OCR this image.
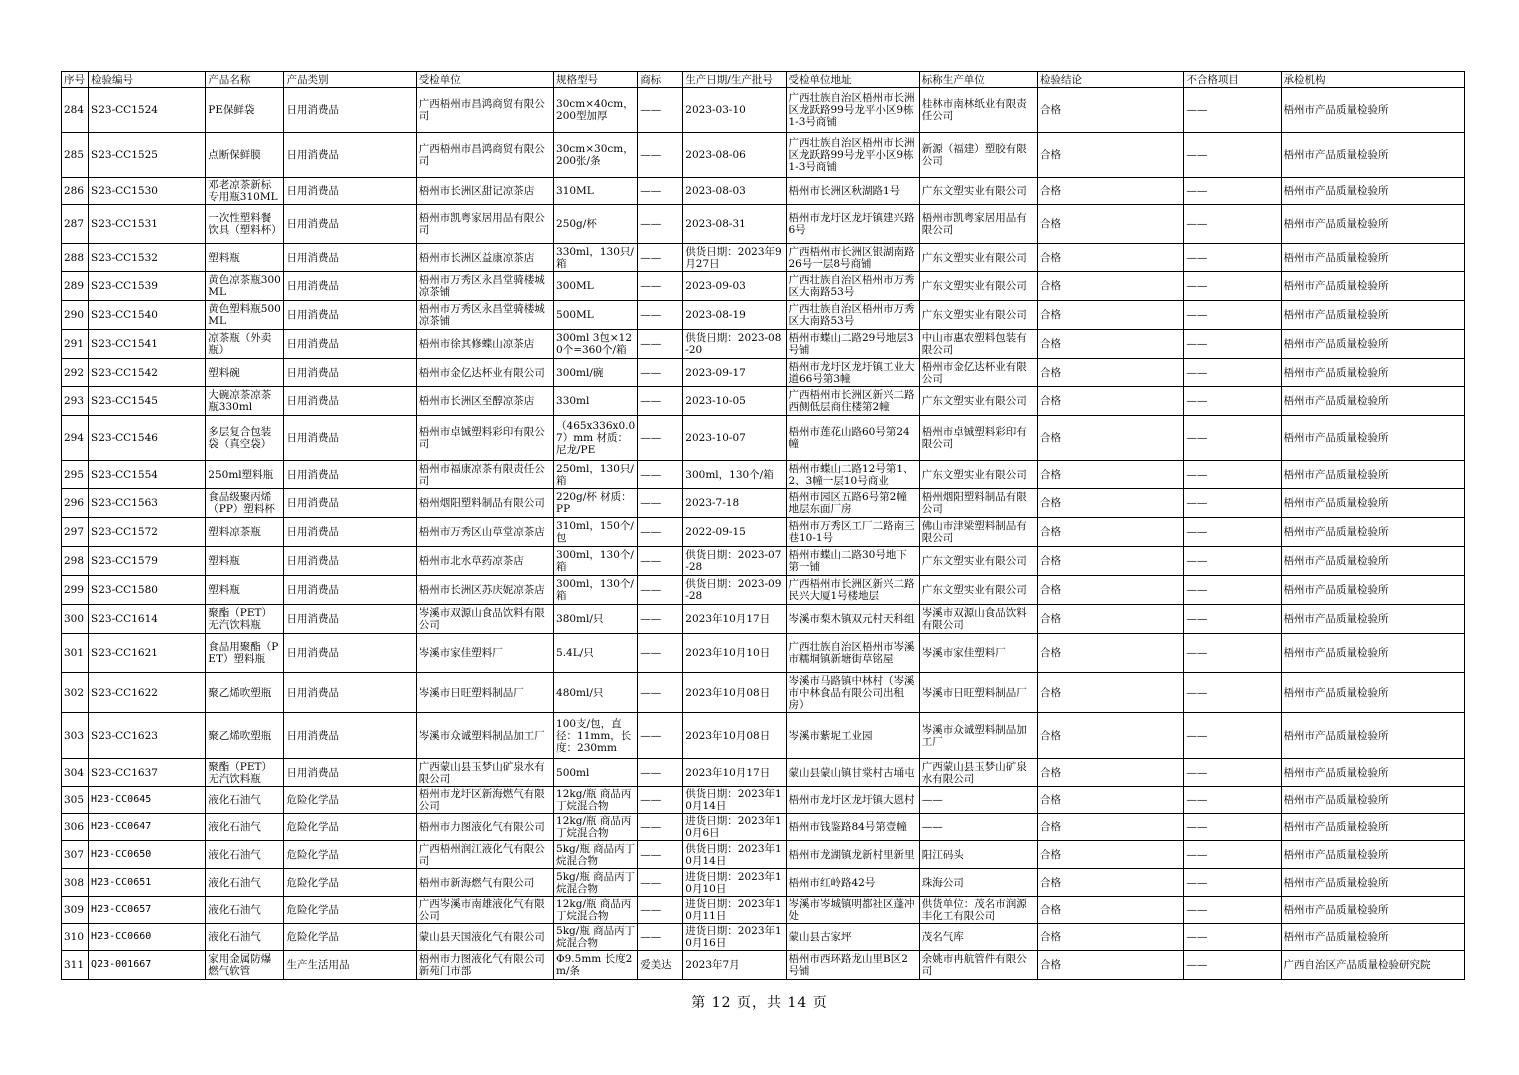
序号	检验编号	产品名称	产品类别	受检单位	规格型号	商标	生产日期/生产批号	受检单位地址	标称生产单位	检验结论	不合格项目	承检机构
284	S23-CC1524	PE保鲜袋	日用消费品	广西梧州市昌鸿商贸有限公司	30cm×40cm，200型加厚	——	2023-03-10	广西壮族自治区梧州市长洲区龙跃路99号龙平小区9栋1-3号商铺	桂林市南林纸业有限责任公司	合格	——	梧州市产品质量检验所
285	S23-CC1525	点断保鲜膜	日用消费品	广西梧州市昌鸿商贸有限公司	30cm×30cm，200张/条	——	2023-08-06	广西壮族自治区梧州市长洲区龙跃路99号龙平小区9栋1-3号商铺	新源（福建）塑胶有限公司	合格	——	梧州市产品质量检验所
286	S23-CC1530	邓老凉茶新标专用瓶310ML	日用消费品	梧州市长洲区甜记凉茶店	310ML	——	2023-08-03	梧州市长洲区秋湖路1号	广东文塑实业有限公司	合格	——	梧州市产品质量检验所
287	S23-CC1531	一次性塑料餐饮具（塑料杯）	日用消费品	梧州市凯粤家居用品有限公司	250g/杯	——	2023-08-31	梧州市龙圩区龙圩镇建兴路6号	梧州市凯粤家居用品有限公司	合格	——	梧州市产品质量检验所
288	S23-CC1532	塑料瓶	日用消费品	梧州市长洲区益康凉茶店	330ml，130只/箱	——	供货日期：2023年9月27日	广西梧州市长洲区银湖南路26号一层8号商铺	广东文塑实业有限公司	合格	——	梧州市产品质量检验所
289	S23-CC1539	黄色凉茶瓶300ML	日用消费品	梧州市万秀区永昌堂骑楼城凉茶铺	300ML	——	2023-09-03	广西壮族自治区梧州市万秀区大南路53号	广东文塑实业有限公司	合格	——	梧州市产品质量检验所
290	S23-CC1540	黄色塑料瓶500ML	日用消费品	梧州市万秀区永昌堂骑楼城凉茶铺	500ML	——	2023-08-19	广西壮族自治区梧州市万秀区大南路53号	广东文塑实业有限公司	合格	——	梧州市产品质量检验所
291	S23-CC1541	凉茶瓶（外卖瓶）	日用消费品	梧州市徐其修蝶山凉茶店	300ml 3包×120个=360个/箱	——	供货日期：2023-08-20	梧州市蝶山二路29号地层3号铺	中山市惠农塑料包装有限公司	合格	——	梧州市产品质量检验所
292	S23-CC1542	塑料碗	日用消费品	梧州市金亿达杯业有限公司	300ml/碗	——	2023-09-17	梧州市龙圩区龙圩镇工业大道66号第3幢	梧州市金亿达杯业有限公司	合格	——	梧州市产品质量检验所
293	S23-CC1545	大碗凉茶凉茶瓶330ml	日用消费品	梧州市长洲区至醇凉茶店	330ml	——	2023-10-05	广西梧州市长洲区新兴二路西侧低层商住楼第2幢	广东文塑实业有限公司	合格	——	梧州市产品质量检验所
294	S23-CC1546	多层复合包装袋（真空袋）	日用消费品	梧州市卓铖塑料彩印有限公司	（465x336x0.07）mm 材质：尼龙/PE	——	2023-10-07	梧州市莲花山路60号第24幢	梧州市卓铖塑料彩印有限公司	合格	——	梧州市产品质量检验所
295	S23-CC1554	250ml塑料瓶	日用消费品	梧州市福康凉茶有限责任公司	250ml，130只/箱	——	300ml，130个/箱	梧州市蝶山二路12号第1、2、3幢一层10号商业	广东文塑实业有限公司	合格	——	梧州市产品质量检验所
296	S23-CC1563	食品级聚丙烯（PP）塑料杯	日用消费品	梧州烟阳塑料制品有限公司	220g/杯 材质：PP	——	2023-7-18	梧州市园区五路6号第2幢地层东面厂房	梧州烟阳塑料制品有限公司	合格	——	梧州市产品质量检验所
297	S23-CC1572	塑料凉茶瓶	日用消费品	梧州市万秀区山草堂凉茶店	310ml，150个/包	——	2022-09-15	梧州市万秀区工厂二路南三巷10-1号	佛山市津梁塑料制品有限公司	合格	——	梧州市产品质量检验所
298	S23-CC1579	塑料瓶	日用消费品	梧州市北水草药凉茶店	300ml，130个/箱	——	供货日期：2023-07-28	梧州市蝶山二路30号地下第一铺	广东文塑实业有限公司	合格	——	梧州市产品质量检验所
299	S23-CC1580	塑料瓶	日用消费品	梧州市长洲区苏庆妮凉茶店	300ml，130个/箱	——	供货日期：2023-09-28	广西梧州市长洲区新兴二路民兴大厦1号楼地层	广东文塑实业有限公司	合格	——	梧州市产品质量检验所
300	S23-CC1614	聚酯（PET）无汽饮料瓶	日用消费品	岑溪市双源山食品饮料有限公司	380ml/只	——	2023年10月17日	岑溪市梨木镇双元村天科组	岑溪市双源山食品饮料有限公司	合格	——	梧州市产品质量检验所
301	S23-CC1621	食品用聚酯（PET）塑料瓶	日用消费品	岑溪市家佳塑料厂	5.4L/只	——	2023年10月10日	广西壮族自治区梧州市岑溪市糯垌镇新塘街草铭屋	岑溪市家佳塑料厂	合格	——	梧州市产品质量检验所
302	S23-CC1622	聚乙烯吹塑瓶	日用消费品	岑溪市日旺塑料制品厂	480ml/只	——	2023年10月08日	岑溪市马路镇中林村（岑溪市中林食品有限公司出租房）	岑溪市日旺塑料制品厂	合格	——	梧州市产品质量检验所
303	S23-CC1623	聚乙烯吹塑瓶	日用消费品	岑溪市众诚塑料制品加工厂	100支/包，直径：11mm，长度：230mm	——	2023年10月08日	岑溪市紫坭工业园	岑溪市众诚塑料制品加工厂	合格	——	梧州市产品质量检验所
304	S23-CC1637	聚酯（PET）无汽饮料瓶	日用消费品	广西蒙山县玉梦山矿泉水有限公司	500ml	——	2023年10月17日	蒙山县蒙山镇甘棠村古埇屯	广西蒙山县玉梦山矿泉水有限公司	合格	——	梧州市产品质量检验所
305	H23-CC0645	液化石油气	危险化学品	梧州市龙圩区新海燃气有限公司	12kg/瓶 商品丙丁烷混合物	——	供货日期：2023年10月14日	梧州市龙圩区龙圩镇大恩村	——	合格	——	梧州市产品质量检验所
306	H23-CC0647	液化石油气	危险化学品	梧州市力图液化气有限公司	12kg/瓶 商品丙丁烷混合物	——	进货日期：2023年10月6日	梧州市钱鉴路84号第壹幢	——	合格	——	梧州市产品质量检验所
307	H23-CC0650	液化石油气	危险化学品	广西梧州润江液化气有限公司	5kg/瓶 商品丙丁烷混合物	——	供货日期：2023年10月14日	梧州市龙湖镇龙新村里新里	阳江码头	合格	——	梧州市产品质量检验所
308	H23-CC0651	液化石油气	危险化学品	梧州市新海燃气有限公司	5kg/瓶 商品丙丁烷混合物	——	进货日期：2023年10月10日	梧州市红岭路42号	珠海公司	合格	——	梧州市产品质量检验所
309	H23-CC0657	液化石油气	危险化学品	广西岑溪市南雄液化气有限公司	12kg/瓶 商品丙丁烷混合物	——	进货日期：2023年10月11日	岑溪市岑城镇明都社区蓬冲处	供货单位：茂名市润源丰化工有限公司	合格	——	梧州市产品质量检验所
310	H23-CC0660	液化石油气	危险化学品	蒙山县天国液化气有限公司	5kg/瓶 商品丙丁烷混合物	——	进货日期：2023年10月16日	蒙山县古家坪	茂名气库	合格	——	梧州市产品质量检验所
311	Q23-001667	家用金属防爆燃气软管	生产生活用品	梧州市力图液化气有限公司新苑门市部	Φ9.5mm 长度2m/条	爱美达	2023年7月	梧州市西环路龙山里B区2号铺	余姚市冉航管件有限公司	合格	——	广西自治区产品质量检验研究院
第 12 页，共 14 页
